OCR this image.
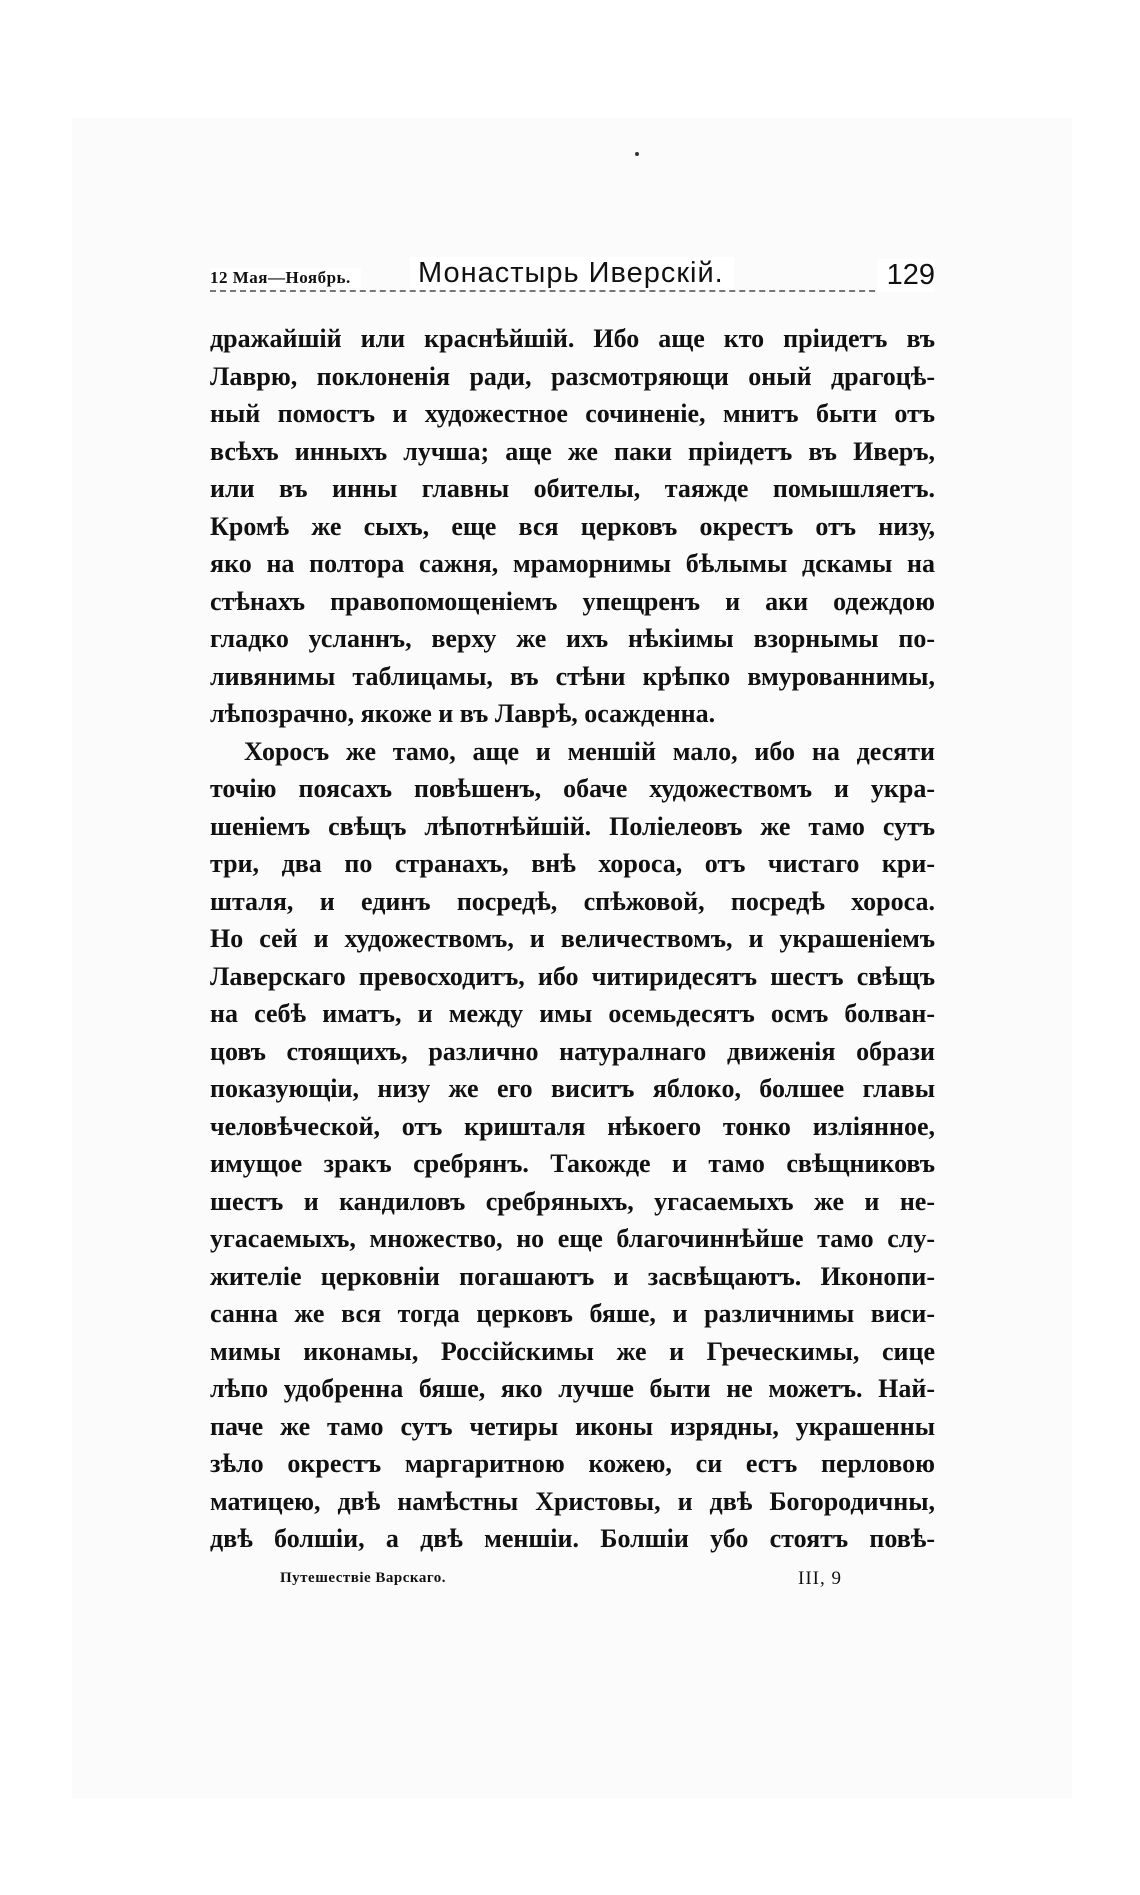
12 Мая—Ноябрь.	Монастырь Иверскій.	129
дражайшій или краснѣйшій. Ибо аще кто пріидетъ въ
Лаврю, поклоненія ради, разсмотряющи оный драгоцѣ-
ный помостъ и художестное сочиненіе, мнитъ быти отъ
всѣхъ инныхъ лучша; аще же паки пріидетъ въ Иверъ,
или въ инны главны обителы, таяжде помышляетъ.
Кромѣ же сыхъ, еще вся церковъ окрестъ отъ низу,
яко на полтора сажня, мраморнимы бѣлымы дскамы на
стѣнахъ правопомощеніемъ упещренъ и аки одеждою
гладко усланнъ, верху же ихъ нѣкіимы взорнымы по-
ливянимы таблицамы, въ стѣни крѣпко вмурованнимы,
лѣпозрачно, якоже и въ Лаврѣ, осажденна.
Хоросъ же тамо, аще и меншій мало, ибо на десяти
точію поясахъ повѣшенъ, обаче художествомъ и укра-
шеніемъ свѣщъ лѣпотнѣйшій. Поліелеовъ же тамо сутъ
три, два по странахъ, внѣ хороса, отъ чистаго кри-
шталя, и единъ посредѣ, спѣжовой, посредѣ хороса.
Но сей и художествомъ, и величествомъ, и украшеніемъ
Лаверскаго превосходитъ, ибо читиридесятъ шестъ свѣщъ
на себѣ иматъ, и между имы осемьдесятъ осмъ болван-
цовъ стоящихъ, различно натуралнаго движенія образи
показующіи, низу же его виситъ яблоко, болшее главы
человѣческой, отъ кришталя нѣкоего тонко изліянное,
имущое зракъ сребрянъ. Такожде и тамо свѣщниковъ
шестъ и кандиловъ сребряныхъ, угасаемыхъ же и не-
угасаемыхъ, множество, но еще благочиннѣйше тамо слу-
жителіе церковніи погашаютъ и засвѣщаютъ. Иконопи-
санна же вся тогда церковъ бяше, и различнимы виси-
мимы иконамы, Россійскимы же и Греческимы, сице
лѣпо удобренна бяше, яко лучше быти не можетъ. Най-
паче же тамо сутъ четиры иконы изрядны, украшенны
зѣло окрестъ маргаритною кожею, си естъ перловою
матицею, двѣ намѣстны Христовы, и двѣ Богородичны,
двѣ болшіи, а двѣ меншіи. Болшіи убо стоятъ повѣ-
Путешествіе Варскаго.	III, 9
